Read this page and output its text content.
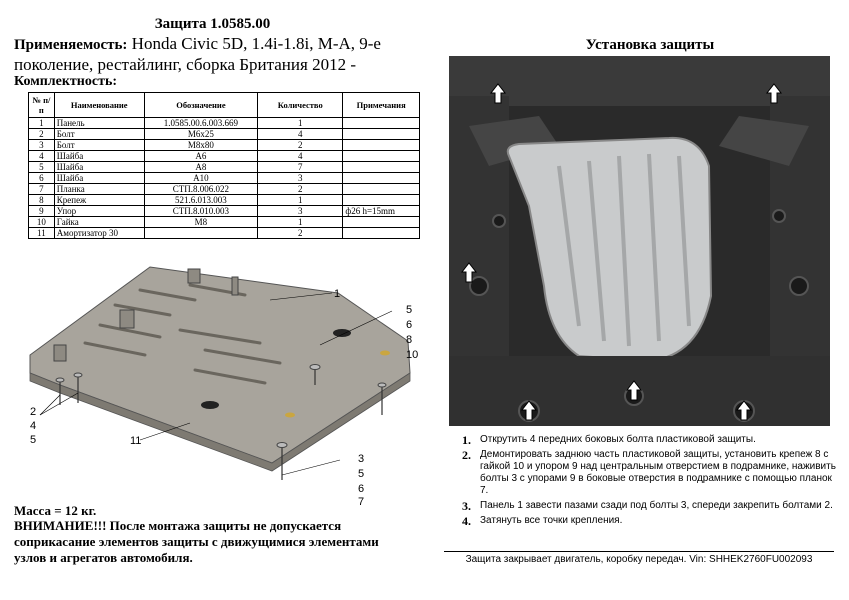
Защита 1.0585.00
Применяемость: Honda Civic 5D, 1.4i-1.8i, M-A, 9-е поколение, рестайлинг, сборка Британия 2012 -
Комплектность:
№ п/п	Наименование	Обозначение	Количество	Примечания
1	Панель	1.0585.00.6.003.669	1	
2	Болт	М6х25	4	
3	Болт	М8х80	2	
4	Шайба	А6	4	
5	Шайба	А8	7	
6	Шайба	А10	3	
7	Планка	СТП.8.006.022	2	
8	Крепеж	521.6.013.003	1	
9	Упор	СТП.8.010.003	3	ф26 h=15mm
10	Гайка	М8	1	
11	Амортизатор 30		2	
1
5
6
8
10
2
4
5	11
3
5
6
7
Масса = 12 кг.
ВНИМАНИЕ!!! После монтажа защиты не допускается соприкасание элементов защиты с движущимися элементами узлов и агрегатов автомобиля.
Установка защиты
1. Открутить 4 передних боковых болта пластиковой защиты.
2. Демонтировать заднюю часть пластиковой защиты, установить крепеж 8 с гайкой 10 и упором 9 над центральным отверстием в подрамнике, наживить болты 3 с упорами 9 в боковые отверстия в подрамнике с помощью планок 7.
3. Панель 1 завести пазами сзади под болты 3, спереди закрепить болтами 2.
4. Затянуть все точки крепления.
Защита закрывает двигатель, коробку передач. Vin: SHHEK2760FU002093
